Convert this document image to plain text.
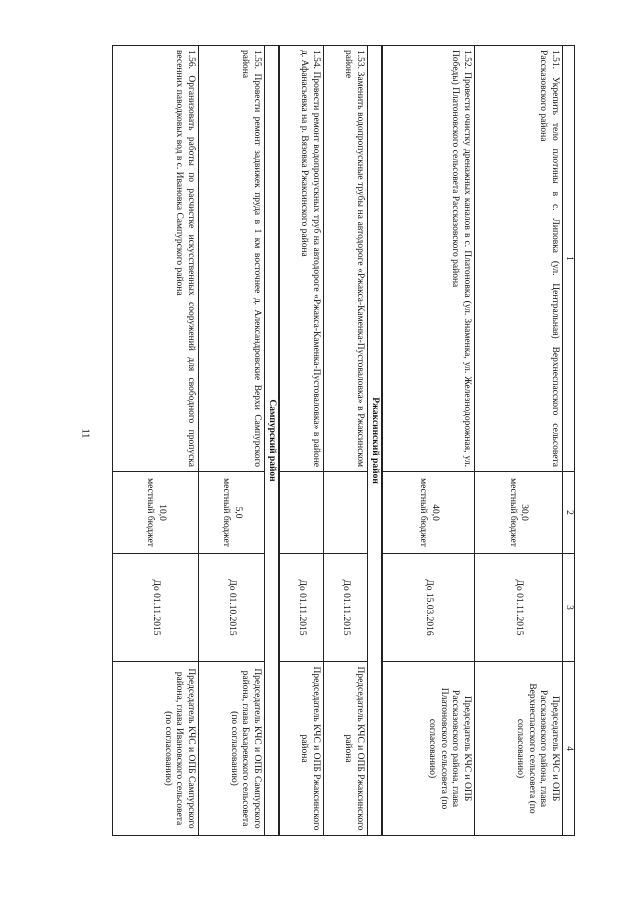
11
1	2	3	4
1.51. Укрепить тело плотины в с. Липовка (ул. Центральная) Верхнеспасского сельсовета Рассказовского района	30,0
местный бюджет	До 01.11.2015	Председатель КЧС и ОПБ Рассказовского района, глава Верхнеспасского сельсовета (по согласованию)
1.52. Провести очистку дренажных каналов в с. Платоновка (ул. Знаменка, ул. Железнодорожная, ул. Победы) Платоновского сельсовета Рассказовского района	40,0
местный бюджет	До 15.03.2016	Председатель КЧС и ОПБ Рассказовского района, глава Платоновского сельсовета (по согласованию)
Ржаксинский район			
1.53. Заменить водопропускные трубы на автодороге «Ржакса-Каменка-Пустоваловка» в Ржаксинском районе		До 01.11.2015	Председатель КЧС и ОПБ Ржаксинского района
1.54. Провести ремонт водопропускных труб на автодороге «Ржакса-Каменка-Пустоваловка» в районе д. Афанасьевка на р. Вязовка Ржаксинского района		До 01.11.2015	Председатель КЧС и ОПБ Ржаксинского района
Сампурский район			
1.55. Провести ремонт задвижек пруда в 1 км восточнее д. Александровские Верхи Сампурского района	5,0
местный бюджет	До 01.10.2015	Председатель КЧС и ОПБ Сампурского района, глава Бахаревского сельсовета (по согласованию)
1.56. Организовать работы по расчистке искусственных сооружений для свободного пропуска весенних паводковых вод в с. Ивановка Сампурского района	10,0
местный бюджет	До 01.11.2015	Председатель КЧС и ОПБ Сампурского района, глава Ивановского сельсовета (по согласованию)
